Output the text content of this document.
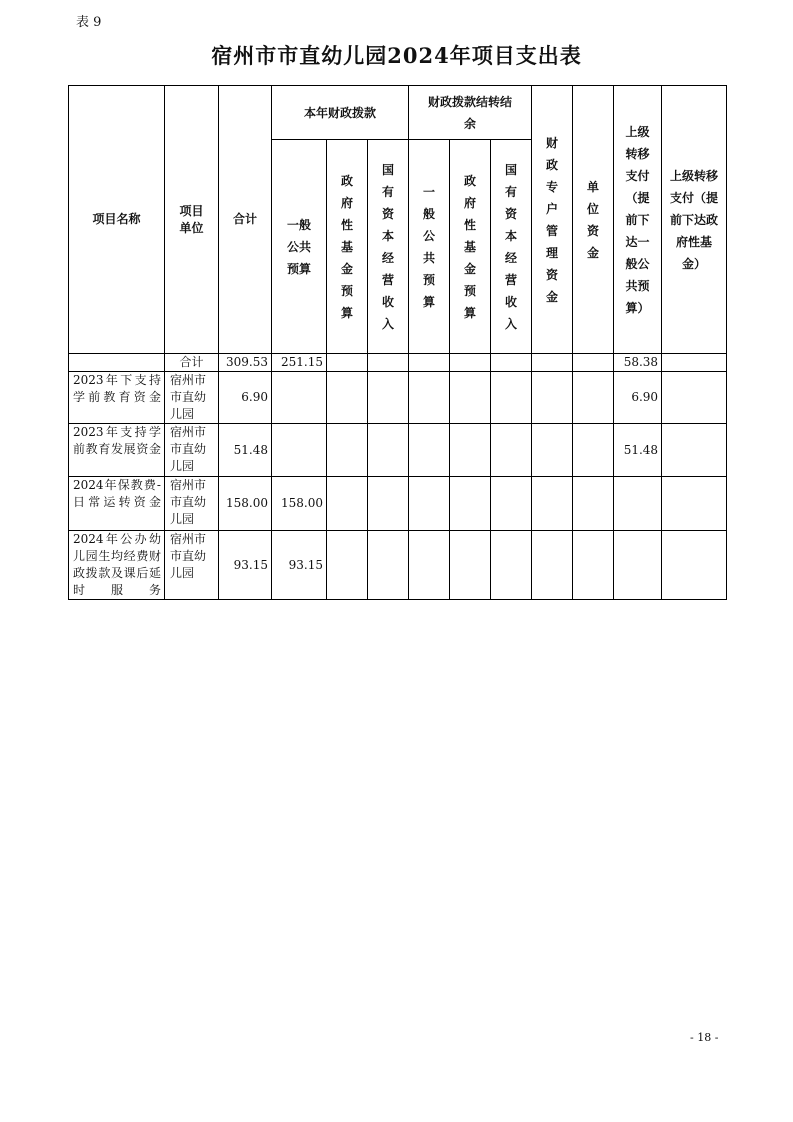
表 9
宿州市市直幼儿园2024年项目支出表
项目名称	项目单位	合计	本年财政拨款			财政拨款结转结余			财政专户管理资金	单位资金	上级转移支付（提前下达一般公共预算）	上级转移支付（提前下达政府性基金）
			一般公共预算	政府性基金预算	国有资本经营收入	一般公共预算	政府性基金预算	国有资本经营收入				
	合计	309.53	251.15								58.38	
2023年下支持学前教育资金	宿州市市直幼儿园	6.90									6.90	
2023年支持学前教育发展资金	宿州市市直幼儿园	51.48									51.48	
2024年保教费-日常运转资金	宿州市市直幼儿园	158.00	158.00									
2024年公办幼儿园生均经费财政拨款及课后延时服务	宿州市市直幼儿园	93.15	93.15									
- 18 -
